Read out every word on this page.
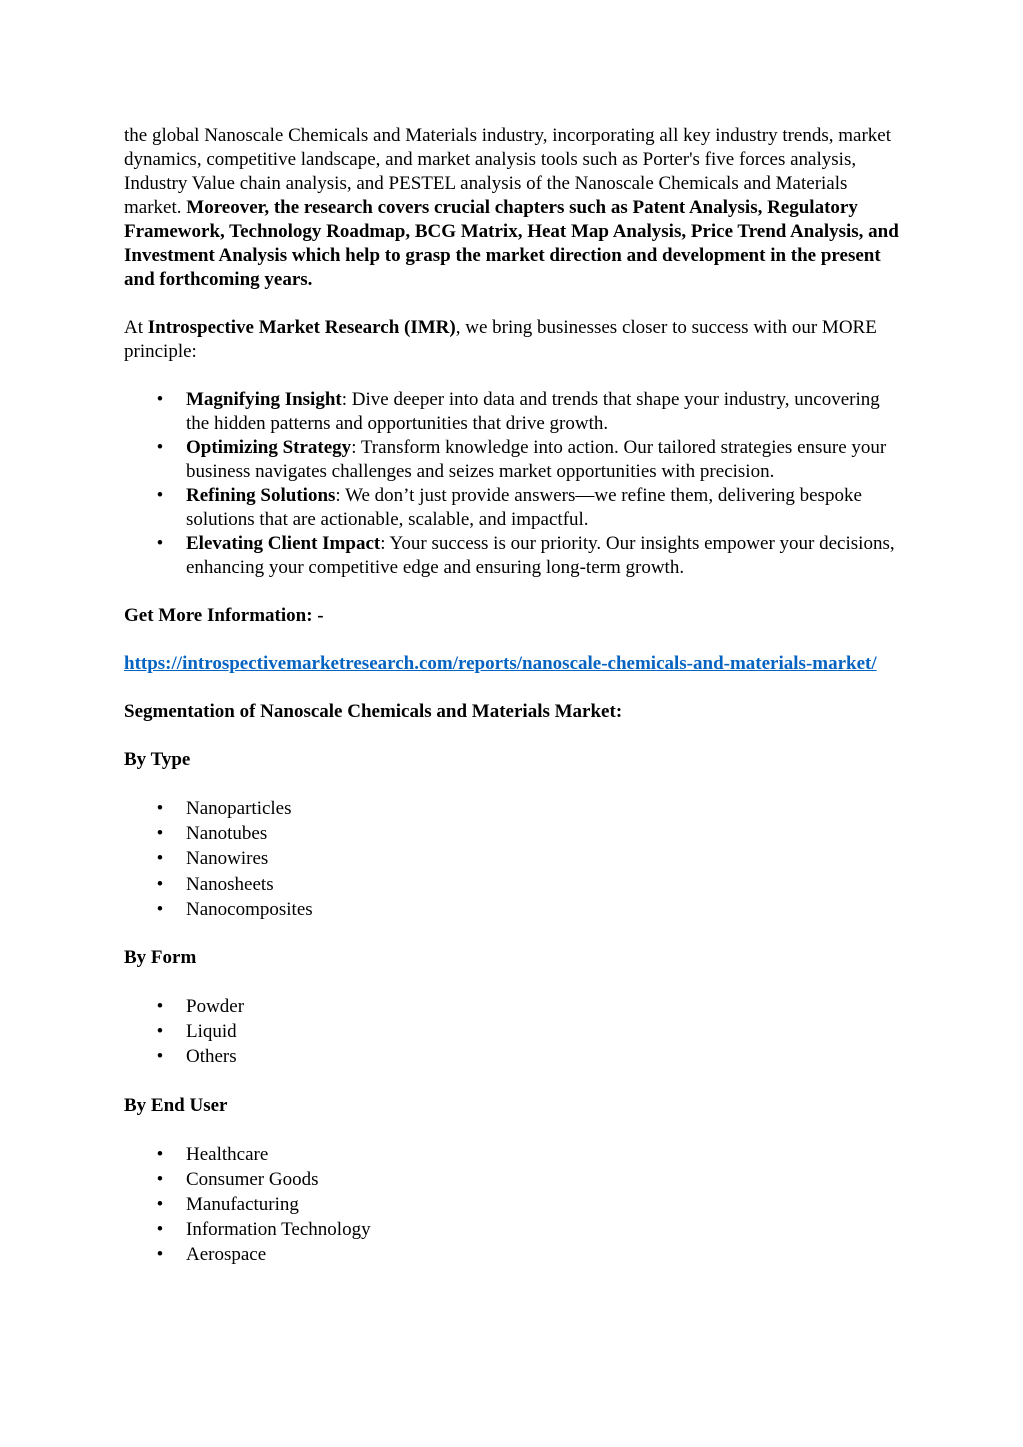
the global Nanoscale Chemicals and Materials industry, incorporating all key industry trends, market dynamics, competitive landscape, and market analysis tools such as Porter's five forces analysis, Industry Value chain analysis, and PESTEL analysis of the Nanoscale Chemicals and Materials market. Moreover, the research covers crucial chapters such as Patent Analysis, Regulatory Framework, Technology Roadmap, BCG Matrix, Heat Map Analysis, Price Trend Analysis, and Investment Analysis which help to grasp the market direction and development in the present and forthcoming years.

At Introspective Market Research (IMR), we bring businesses closer to success with our MORE principle:

• Magnifying Insight: Dive deeper into data and trends that shape your industry, uncovering the hidden patterns and opportunities that drive growth.
• Optimizing Strategy: Transform knowledge into action. Our tailored strategies ensure your business navigates challenges and seizes market opportunities with precision.
• Refining Solutions: We don’t just provide answers—we refine them, delivering bespoke solutions that are actionable, scalable, and impactful.
• Elevating Client Impact: Your success is our priority. Our insights empower your decisions, enhancing your competitive edge and ensuring long-term growth.

Get More Information: -

https://introspectivemarketresearch.com/reports/nanoscale-chemicals-and-materials-market/

Segmentation of Nanoscale Chemicals and Materials Market:

By Type

• Nanoparticles
• Nanotubes
• Nanowires
• Nanosheets
• Nanocomposites

By Form

• Powder
• Liquid
• Others

By End User

• Healthcare
• Consumer Goods
• Manufacturing
• Information Technology
• Aerospace
